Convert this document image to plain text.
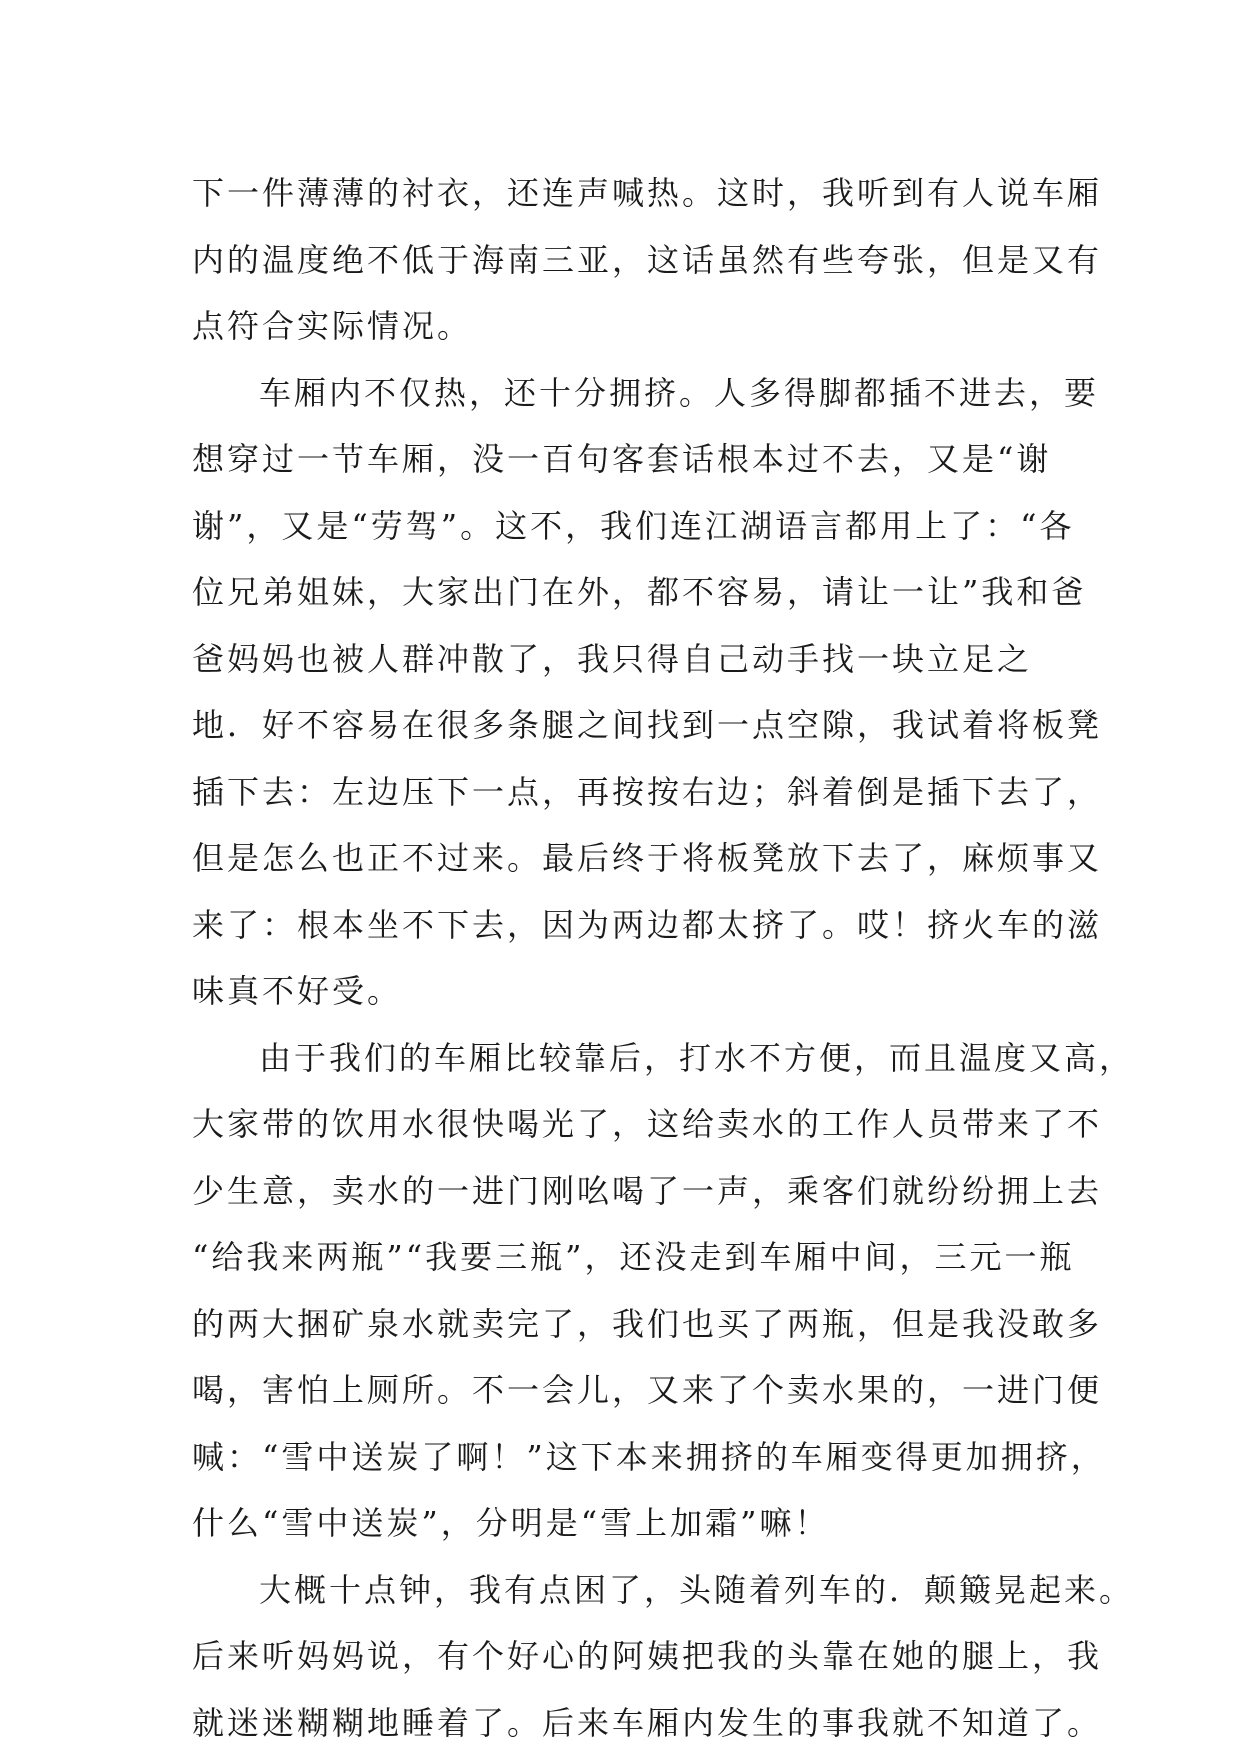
下一件薄薄的衬衣，还连声喊热。这时，我听到有人说车厢
内的温度绝不低于海南三亚，这话虽然有些夸张，但是又有
点符合实际情况。
车厢内不仅热，还十分拥挤。人多得脚都插不进去，要
想穿过一节车厢，没一百句客套话根本过不去，又是“谢
谢”，又是“劳驾”。这不，我们连江湖语言都用上了：“各
位兄弟姐妹，大家出门在外，都不容易，请让一让”我和爸
爸妈妈也被人群冲散了，我只得自己动手找一块立足之
地．好不容易在很多条腿之间找到一点空隙，我试着将板凳
插下去：左边压下一点，再按按右边；斜着倒是插下去了，
但是怎么也正不过来。最后终于将板凳放下去了，麻烦事又
来了：根本坐不下去，因为两边都太挤了。哎！挤火车的滋
味真不好受。
由于我们的车厢比较靠后，打水不方便，而且温度又高，
大家带的饮用水很快喝光了，这给卖水的工作人员带来了不
少生意，卖水的一进门刚吆喝了一声，乘客们就纷纷拥上去
“给我来两瓶”“我要三瓶”，还没走到车厢中间，三元一瓶
的两大捆矿泉水就卖完了，我们也买了两瓶，但是我没敢多
喝，害怕上厕所。不一会儿，又来了个卖水果的，一进门便
喊：“雪中送炭了啊！”这下本来拥挤的车厢变得更加拥挤，
什么“雪中送炭”，分明是“雪上加霜”嘛！
大概十点钟，我有点困了，头随着列车的．颠簸晃起来。
后来听妈妈说，有个好心的阿姨把我的头靠在她的腿上，我
就迷迷糊糊地睡着了。后来车厢内发生的事我就不知道了。
